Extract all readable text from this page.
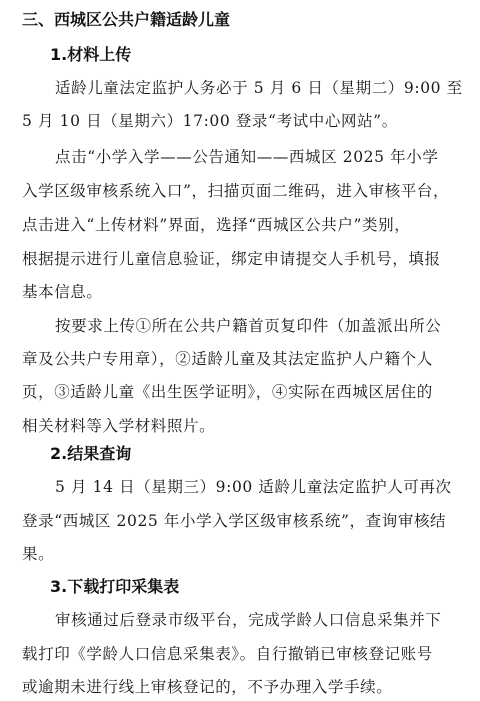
三、西城区公共户籍适龄儿童
1.材料上传
适龄儿童法定监护人务必于 5 月 6 日（星期二）9:00 至
5 月 10 日（星期六）17:00 登录“考试中心网站”。
点击“小学入学——公告通知——西城区 2025 年小学
入学区级审核系统入口”，扫描页面二维码，进入审核平台，
点击进入“上传材料”界面，选择“西城区公共户”类别，
根据提示进行儿童信息验证，绑定申请提交人手机号，填报
基本信息。
按要求上传①所在公共户籍首页复印件（加盖派出所公
章及公共户专用章），②适龄儿童及其法定监护人户籍个人
页，③适龄儿童《出生医学证明》，④实际在西城区居住的
相关材料等入学材料照片。
2.结果查询
5 月 14 日（星期三）9:00 适龄儿童法定监护人可再次
登录“西城区 2025 年小学入学区级审核系统”，查询审核结
果。
3.下载打印采集表
审核通过后登录市级平台，完成学龄人口信息采集并下
载打印《学龄人口信息采集表》。自行撤销已审核登记账号
或逾期未进行线上审核登记的，不予办理入学手续。
